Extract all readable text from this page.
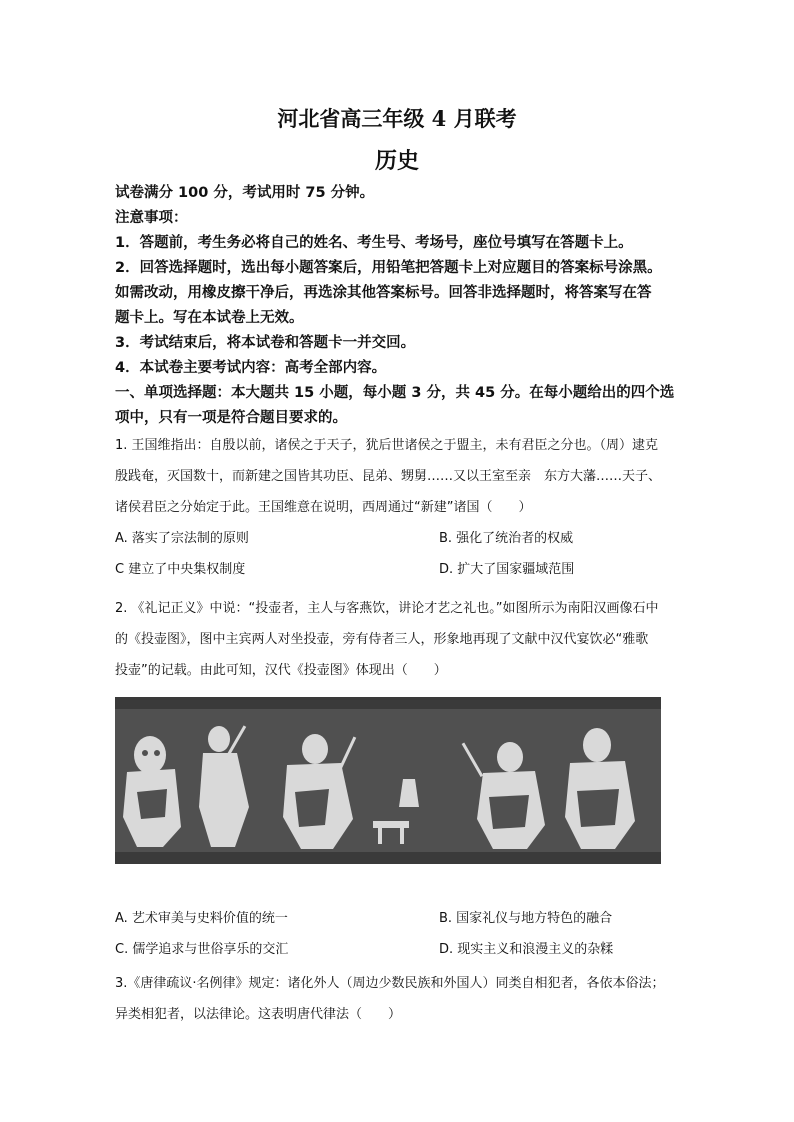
河北省高三年级 4 月联考
历史
试卷满分 100 分，考试用时 75 分钟。
注意事项：
1．答题前，考生务必将自己的姓名、考生号、考场号，座位号填写在答题卡上。
2．回答选择题时，选出每小题答案后，用铅笔把答题卡上对应题目的答案标号涂黑。
如需改动，用橡皮擦干净后，再选涂其他答案标号。回答非选择题时，将答案写在答
题卡上。写在本试卷上无效。
3．考试结束后，将本试卷和答题卡一并交回。
4．本试卷主要考试内容：高考全部内容。
一、单项选择题：本大题共 15 小题，每小题 3 分，共 45 分。在每小题给出的四个选
项中，只有一项是符合题目要求的。
1. 王国维指出：自殷以前，诸侯之于天子，犹后世诸侯之于盟主，未有君臣之分也。（周）逮克
殷践奄，灭国数十，而新建之国皆其功臣、昆弟、甥舅……又以王室至亲　东方大藩……天子、
诸侯君臣之分始定于此。王国维意在说明，西周通过“新建”诸国（　　）
A. 落实了宗法制的原则	B. 强化了统治者的权威
C 建立了中央集权制度	D. 扩大了国家疆域范围
2. 《礼记正义》中说：“投壶者，主人与客燕饮，讲论才艺之礼也。”如图所示为南阳汉画像石中
的《投壶图》，图中主宾两人对坐投壶，旁有侍者三人，形象地再现了文献中汉代宴饮必“雅歌
投壶”的记载。由此可知，汉代《投壶图》体现出（　　）
A. 艺术审美与史料价值的统一	B. 国家礼仪与地方特色的融合
C. 儒学追求与世俗享乐的交汇	D. 现实主义和浪漫主义的杂糅
3.《唐律疏议·名例律》规定：诸化外人（周边少数民族和外国人）同类自相犯者，各依本俗法；
异类相犯者，以法律论。这表明唐代律法（　　）
